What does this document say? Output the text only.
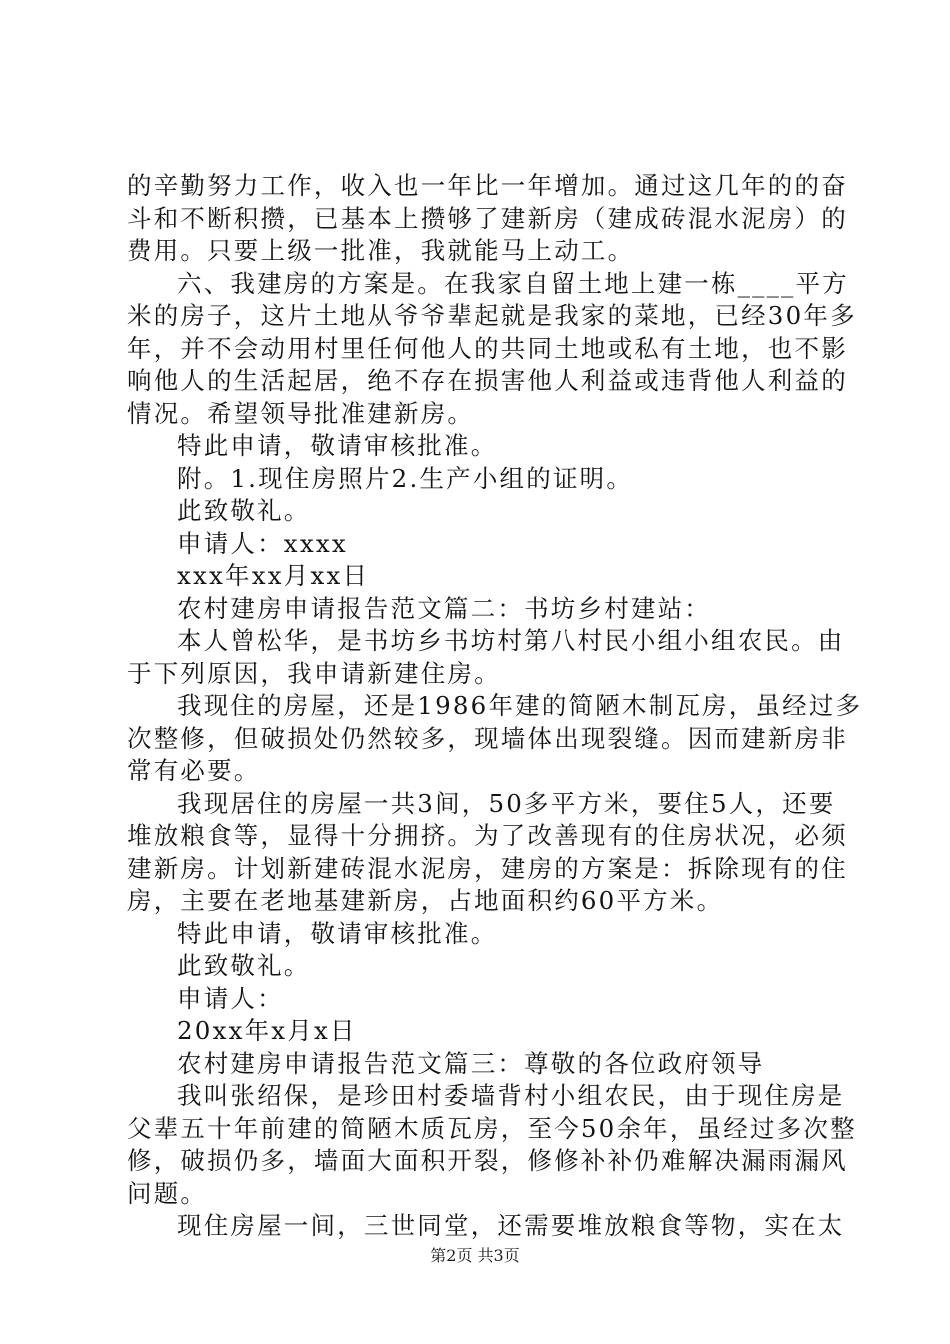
的辛勤努力工作，收入也一年比一年增加。通过这几年的的奋
斗和不断积攒，已基本上攒够了建新房（建成砖混水泥房）的
费用。只要上级一批准，我就能马上动工。
六、我建房的方案是。在我家自留土地上建一栋____平方
米的房子，这片土地从爷爷辈起就是我家的菜地，已经30年多
年，并不会动用村里任何他人的共同土地或私有土地，也不影
响他人的生活起居，绝不存在损害他人利益或违背他人利益的
情况。希望领导批准建新房。
特此申请，敬请审核批准。
附。1.现住房照片2.生产小组的证明。
此致敬礼。
申请人：xxxx
xxx年xx月xx日
农村建房申请报告范文篇二：书坊乡村建站：
本人曾松华，是书坊乡书坊村第八村民小组小组农民。由
于下列原因，我申请新建住房。
我现住的房屋，还是1986年建的简陋木制瓦房，虽经过多
次整修，但破损处仍然较多，现墙体出现裂缝。因而建新房非
常有必要。
我现居住的房屋一共3间，50多平方米，要住5人，还要
堆放粮食等，显得十分拥挤。为了改善现有的住房状况，必须
建新房。计划新建砖混水泥房，建房的方案是：拆除现有的住
房，主要在老地基建新房，占地面积约60平方米。
特此申请，敬请审核批准。
此致敬礼。
申请人：
20xx年x月x日
农村建房申请报告范文篇三：尊敬的各位政府领导
我叫张绍保，是珍田村委墙背村小组农民，由于现住房是
父辈五十年前建的简陋木质瓦房，至今50余年，虽经过多次整
修，破损仍多，墙面大面积开裂，修修补补仍难解决漏雨漏风
问题。
现住房屋一间，三世同堂，还需要堆放粮食等物，实在太
第2页 共3页
